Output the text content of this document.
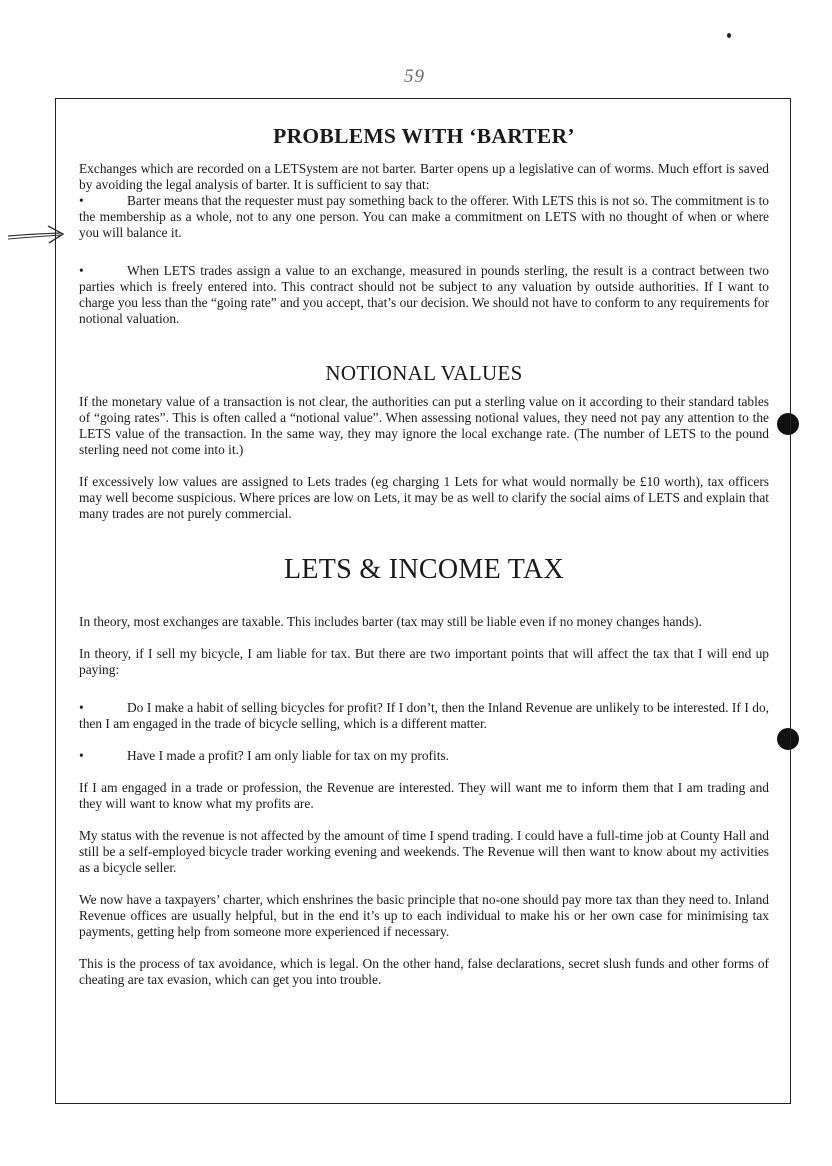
59
PROBLEMS WITH ‘BARTER’

Exchanges which are recorded on a LETSystem are not barter. Barter opens up a legislative can of worms. Much effort is saved by avoiding the legal analysis of barter. It is sufficient to say that:

•	Barter means that the requester must pay something back to the offerer. With LETS this is not so. The commitment is to the membership as a whole, not to any one person. You can make a commitment on LETS with no thought of when or where you will balance it.

•	When LETS trades assign a value to an exchange, measured in pounds sterling, the result is a contract between two parties which is freely entered into. This contract should not be subject to any valuation by outside authorities. If I want to charge you less than the “going rate” and you accept, that’s our decision. We should not have to conform to any requirements for notional valuation.

NOTIONAL VALUES

If the monetary value of a transaction is not clear, the authorities can put a sterling value on it according to their standard tables of “going rates”. This is often called a “notional value”. When assessing notional values, they need not pay any attention to the LETS value of the transaction. In the same way, they may ignore the local exchange rate. (The number of LETS to the pound sterling need not come into it.)

If excessively low values are assigned to Lets trades (eg charging 1 Lets for what would normally be £10 worth), tax officers may well become suspicious. Where prices are low on Lets, it may be as well to clarify the social aims of LETS and explain that many trades are not purely commercial.

LETS & INCOME TAX

In theory, most exchanges are taxable. This includes barter (tax may still be liable even if no money changes hands).

In theory, if I sell my bicycle, I am liable for tax. But there are two important points that will affect the tax that I will end up paying:

•	Do I make a habit of selling bicycles for profit? If I don’t, then the Inland Revenue are unlikely to be interested. If I do, then I am engaged in the trade of bicycle selling, which is a different matter.

•	Have I made a profit? I am only liable for tax on my profits.

If I am engaged in a trade or profession, the Revenue are interested. They will want me to inform them that I am trading and they will want to know what my profits are.

My status with the revenue is not affected by the amount of time I spend trading. I could have a full-time job at County Hall and still be a self-employed bicycle trader working evening and weekends. The Revenue will then want to know about my activities as a bicycle seller.

We now have a taxpayers’ charter, which enshrines the basic principle that no-one should pay more tax than they need to. Inland Revenue offices are usually helpful, but in the end it’s up to each individual to make his or her own case for minimising tax payments, getting help from someone more experienced if necessary.

This is the process of tax avoidance, which is legal. On the other hand, false declarations, secret slush funds and other forms of cheating are tax evasion, which can get you into trouble.
